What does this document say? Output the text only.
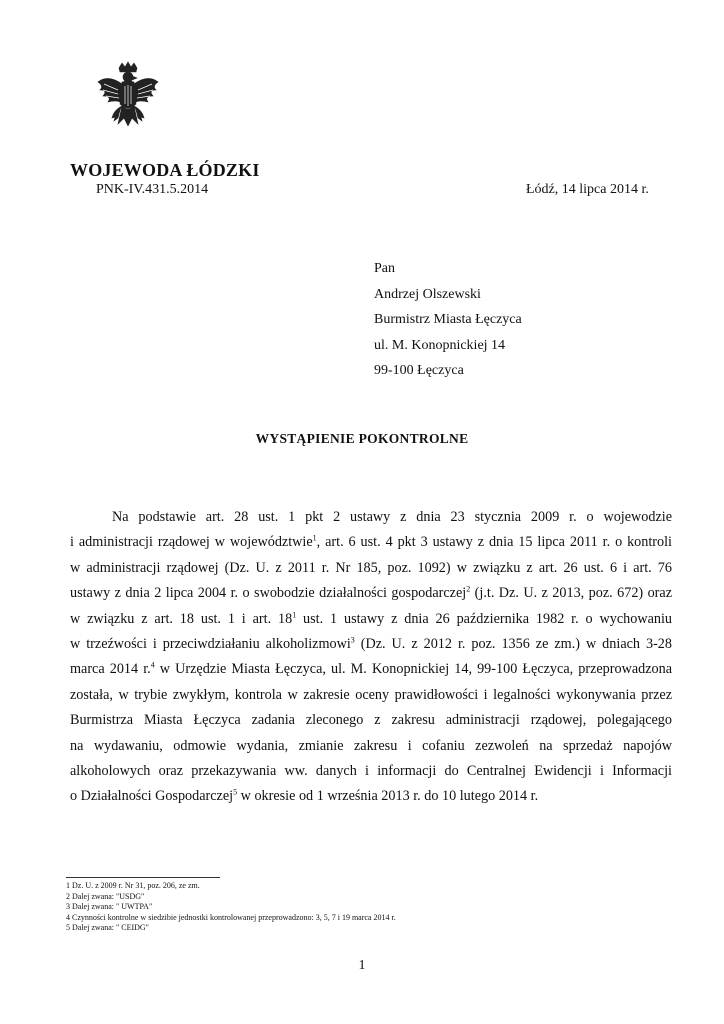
WOJEWODA ŁÓDZKI
PNK-IV.431.5.2014	Łódź, 14 lipca 2014 r.
Pan
Andrzej Olszewski
Burmistrz Miasta Łęczyca
ul. M. Konopnickiej 14
99-100 Łęczyca
WYSTĄPIENIE POKONTROLNE
Na podstawie art. 28 ust. 1 pkt 2 ustawy z dnia 23 stycznia 2009 r. o wojewodzie
i administracji rządowej w województwie$^1$, art. 6 ust. 4 pkt 3 ustawy z dnia 15 lipca 2011 r. o kontroli
w administracji rządowej (Dz. U. z 2011 r. Nr 185, poz. 1092) w związku z art. 26 ust. 6 i art. 76
ustawy z dnia 2 lipca 2004 r. o swobodzie działalności gospodarczej$^2$ (j.t. Dz. U. z 2013, poz. 672) oraz
w związku z art. 18 ust. 1 i art. $18^1$ ust. 1 ustawy z dnia 26 października 1982 r. o wychowaniu
w trzeźwości i przeciwdziałaniu alkoholizmowi$^3$ (Dz. U. z 2012 r. poz. 1356 ze zm.) w dniach 3-28
marca 2014 r.$^4$ w Urzędzie Miasta Łęczyca, ul. M. Konopnickiej 14, 99-100 Łęczyca, przeprowadzona
została, w trybie zwykłym, kontrola w zakresie oceny prawidłowości i legalności wykonywania przez
Burmistrza Miasta Łęczyca zadania zleconego z zakresu administracji rządowej, polegającego
na wydawaniu, odmowie wydania, zmianie zakresu i cofaniu zezwoleń na sprzedaż napojów
alkoholowych oraz przekazywania ww. danych i informacji do Centralnej Ewidencji i Informacji
o Działalności Gospodarczej$^5$ w okresie od 1 września 2013 r. do 10 lutego 2014 r.
1 Dz. U. z 2009 r. Nr 31, poz. 206, ze zm.
2 Dalej zwana: "USDG"
3 Dalej zwana: " UWTPA"
4 Czynności kontrolne w siedzibie jednostki kontrolowanej przeprowadzono: 3, 5, 7 i 19 marca 2014 r.
5 Dalej zwana: " CEIDG"
1
